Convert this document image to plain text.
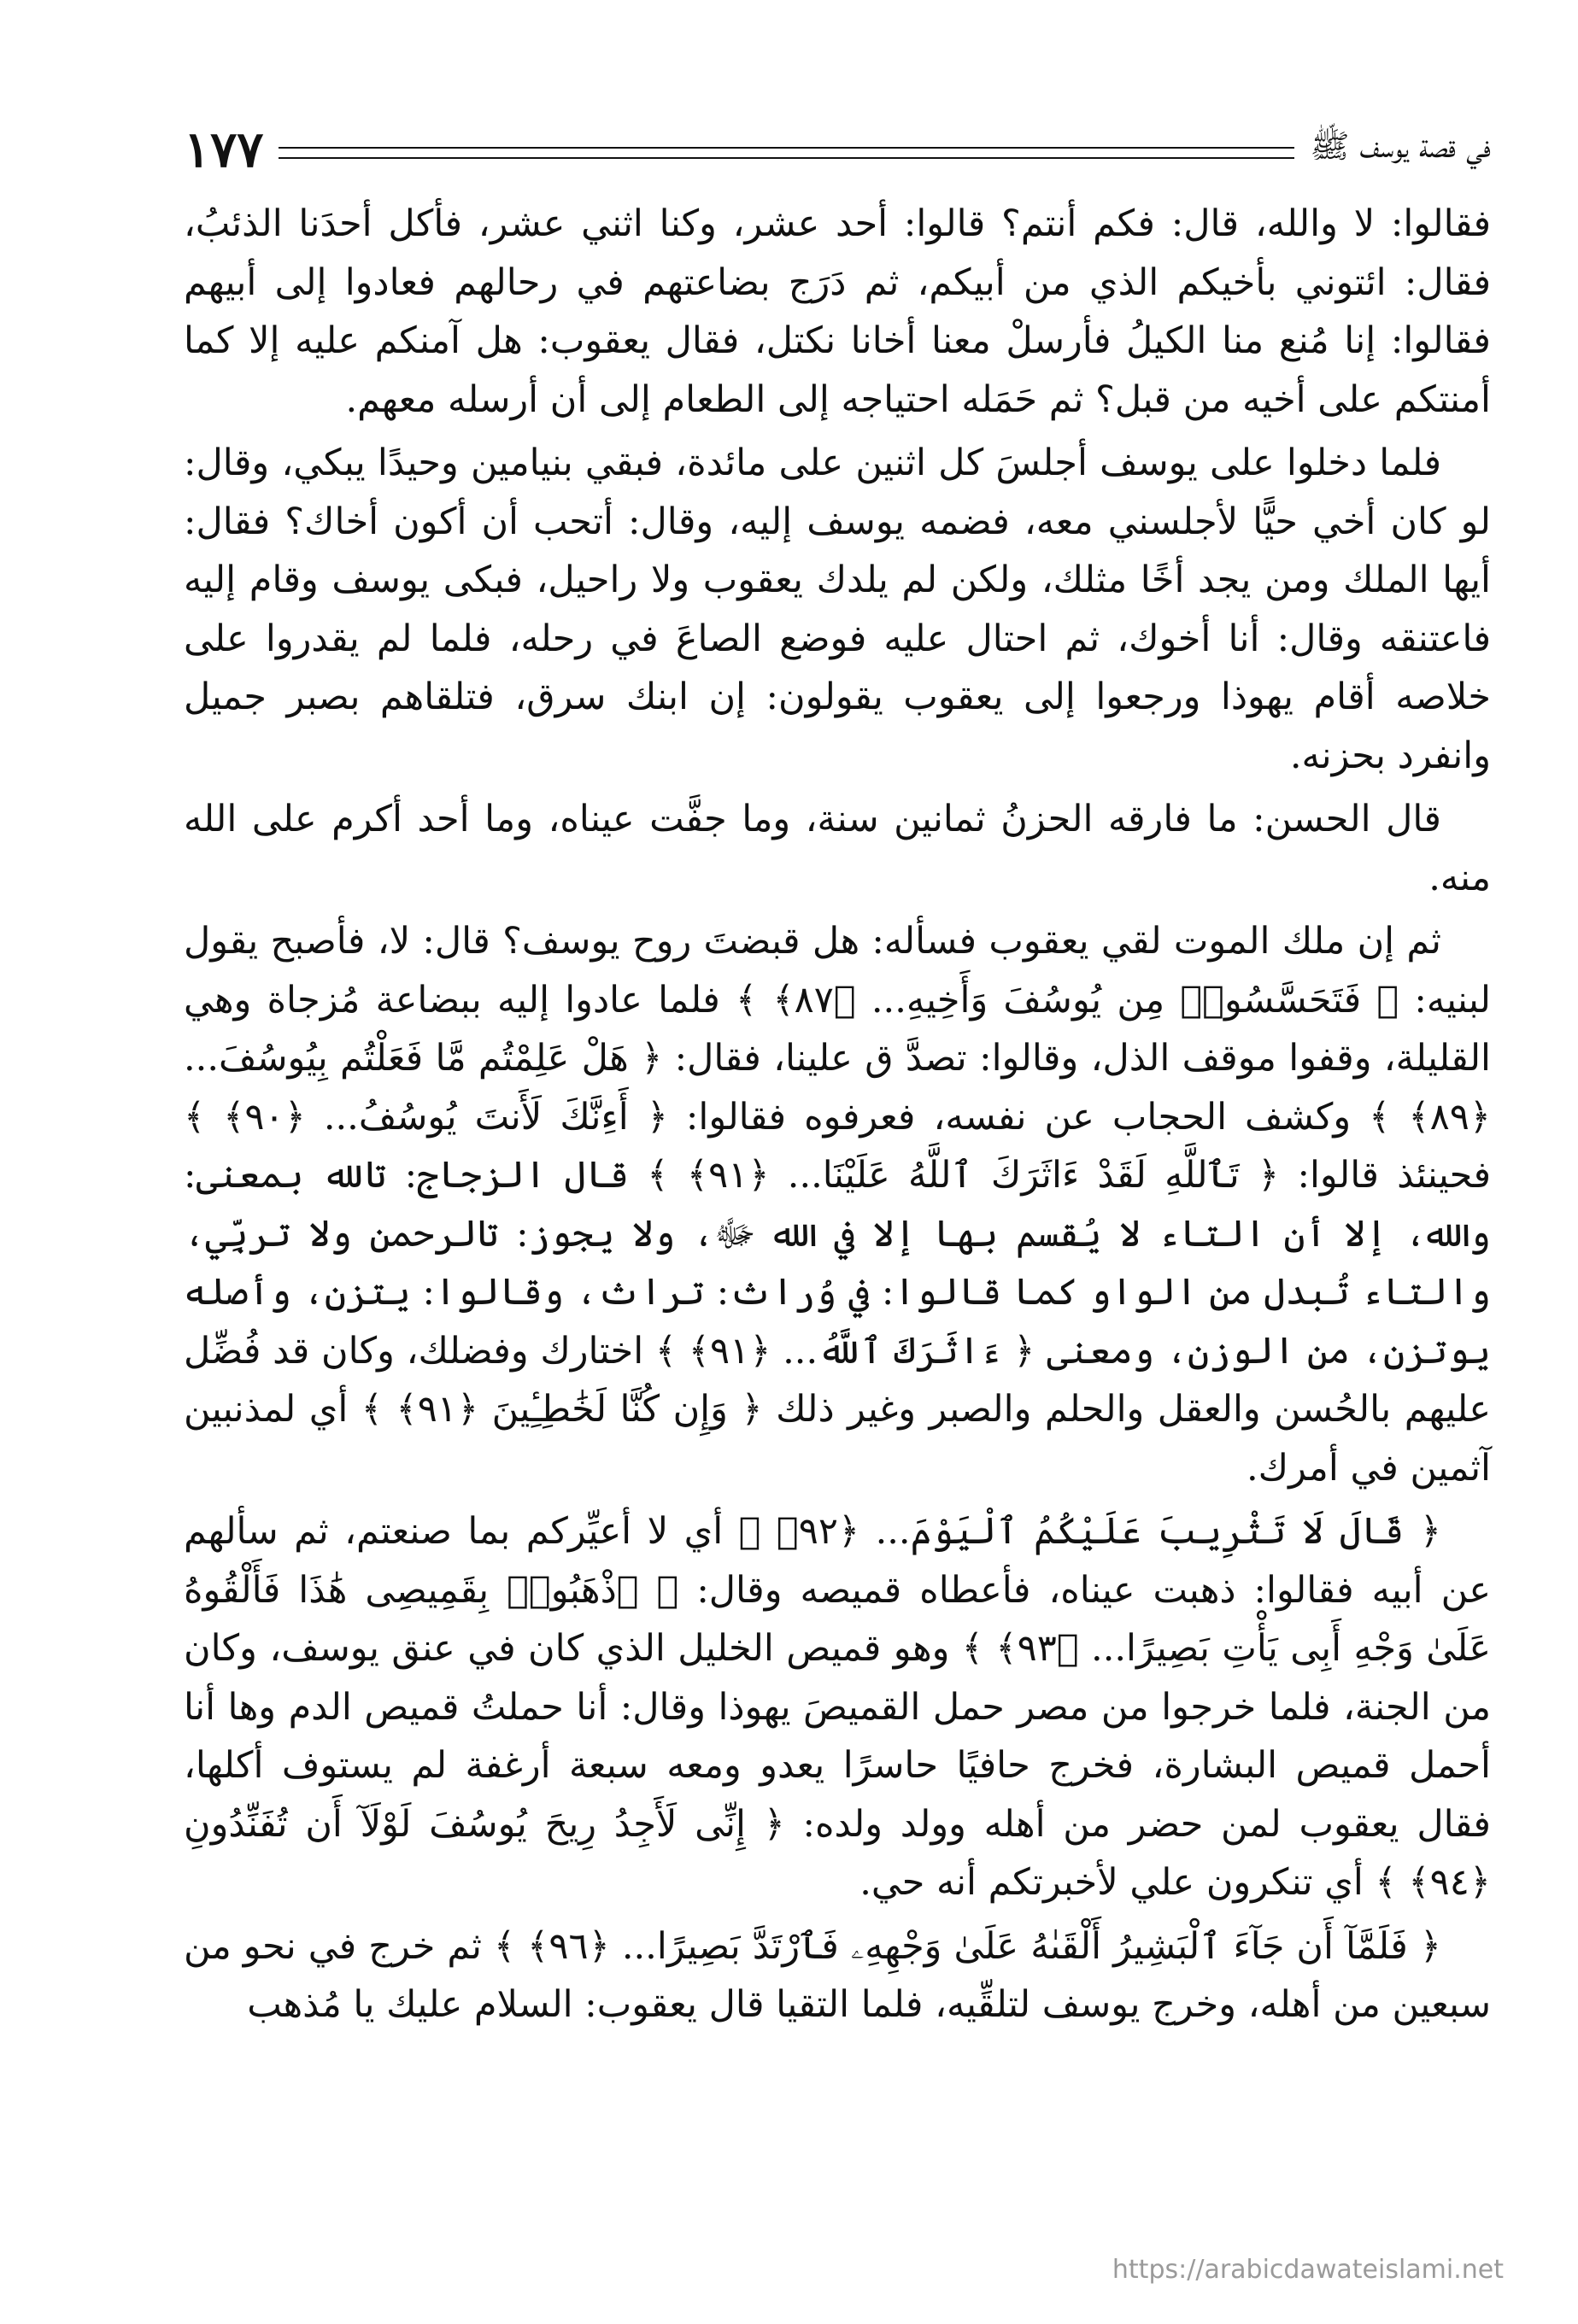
في قصة يوسف ﷺ
١٧٧

فقالوا: لا والله، قال: فكم أنتم؟ قالوا: أحد عشر، وكنا اثني عشر، فأكل أحدَنا الذئبُ، فقال: ائتوني بأخيكم الذي من أبيكم، ثم دَرَج بضاعتهم في رحالهم فعادوا إلى أبيهم فقالوا: إنا مُنع منا الكيلُ فأرسلْ معنا أخانا نكتل، فقال يعقوب: هل آمنكم عليه إلا كما أمنتكم على أخيه من قبل؟ ثم حَمَله احتياجه إلى الطعام إلى أن أرسله معهم.

فلما دخلوا على يوسف أجلسَ كل اثنين على مائدة، فبقي بنيامين وحيدًا يبكي، وقال: لو كان أخي حيًّا لأجلسني معه، فضمه يوسف إليه، وقال: أتحب أن أكون أخاك؟ فقال: أيها الملك ومن يجد أخًا مثلك، ولكن لم يلدك يعقوب ولا راحيل، فبكى يوسف وقام إليه فاعتنقه وقال: أنا أخوك، ثم احتال عليه فوضع الصاعَ في رحله، فلما لم يقدروا على خلاصه أقام يهوذا ورجعوا إلى يعقوب يقولون: إن ابنك سرق، فتلقاهم بصبر جميل وانفرد بحزنه.

قال الحسن: ما فارقه الحزنُ ثمانين سنة، وما جفَّت عيناه، وما أحد أكرم على الله منه.

ثم إن ملك الموت لقي يعقوب فسأله: هل قبضتَ روح يوسف؟ قال: لا، فأصبح يقول لبنيه: ﴿ فَتَحَسَّسُوا۟ مِن يُوسُفَ وَأَخِيهِ... ﴿٨٧﴾ ﴾ فلما عادوا إليه ببضاعة مُزجاة وهي القليلة، وقفوا موقف الذل، وقالوا: تصدَّ ق علينا، فقال: ﴿ هَلْ عَلِمْتُم مَّا فَعَلْتُم بِيُوسُفَ... ﴿٨٩﴾ ﴾ وكشف الحجاب عن نفسه، فعرفوه فقالوا: ﴿ أَءِنَّكَ لَأَنتَ يُوسُفُ... ﴿٩٠﴾ ﴾ فحينئذ قالوا: ﴿ تَٱللَّهِ لَقَدْ ءَاثَرَكَ ٱللَّهُ عَلَيْنَا... ﴿٩١﴾ ﴾ قال الزجاج: تالله بمعنى: والله، إلا أن التاء لا يُقسم بها إلا في الله ﷻ، ولا يجوز: تالرحمن ولا تربِّي، والتاء تُبدل من الواو كما قالوا: في وُراث: تراث، وقالوا: يتزن، وأصله يوتزن، من الوزن، ومعنى ﴿ ءَاثَرَكَ ٱللَّهُ... ﴿٩١﴾ ﴾ اختارك وفضلك، وكان قد فُضِّل عليهم بالحُسن والعقل والحلم والصبر وغير ذلك ﴿ وَإِن كُنَّا لَخَٰطِـِٔينَ ﴿٩١﴾ ﴾ أي لمذنبين آثمين في أمرك.

﴿ قَالَ لَا تَثْرِيبَ عَلَيْكُمُ ٱلْيَوْمَ... ﴿٩٢﴾ ﴾ أي لا أعيِّركم بما صنعتم، ثم سألهم عن أبيه فقالوا: ذهبت عيناه، فأعطاه قميصه وقال: ﴿ ٱذْهَبُوا۟ بِقَمِيصِى هَٰذَا فَأَلْقُوهُ عَلَىٰ وَجْهِ أَبِى يَأْتِ بَصِيرًا... ﴿٩٣﴾ ﴾ وهو قميص الخليل الذي كان في عنق يوسف، وكان من الجنة، فلما خرجوا من مصر حمل القميصَ يهوذا وقال: أنا حملتُ قميص الدم وها أنا أحمل قميص البشارة، فخرج حافيًا حاسرًا يعدو ومعه سبعة أرغفة لم يستوف أكلها، فقال يعقوب لمن حضر من أهله وولد ولده: ﴿ إِنِّى لَأَجِدُ رِيحَ يُوسُفَ لَوْلَآ أَن تُفَنِّدُونِ ﴿٩٤﴾ ﴾ أي تنكرون علي لأخبرتكم أنه حي.

﴿ فَلَمَّآ أَن جَآءَ ٱلْبَشِيرُ أَلْقَىٰهُ عَلَىٰ وَجْهِهِۦ فَٱرْتَدَّ بَصِيرًا... ﴿٩٦﴾ ﴾ ثم خرج في نحو من سبعين من أهله، وخرج يوسف لتلقِّيه، فلما التقيا قال يعقوب: السلام عليك يا مُذهب

https://arabicdawateislami.net
